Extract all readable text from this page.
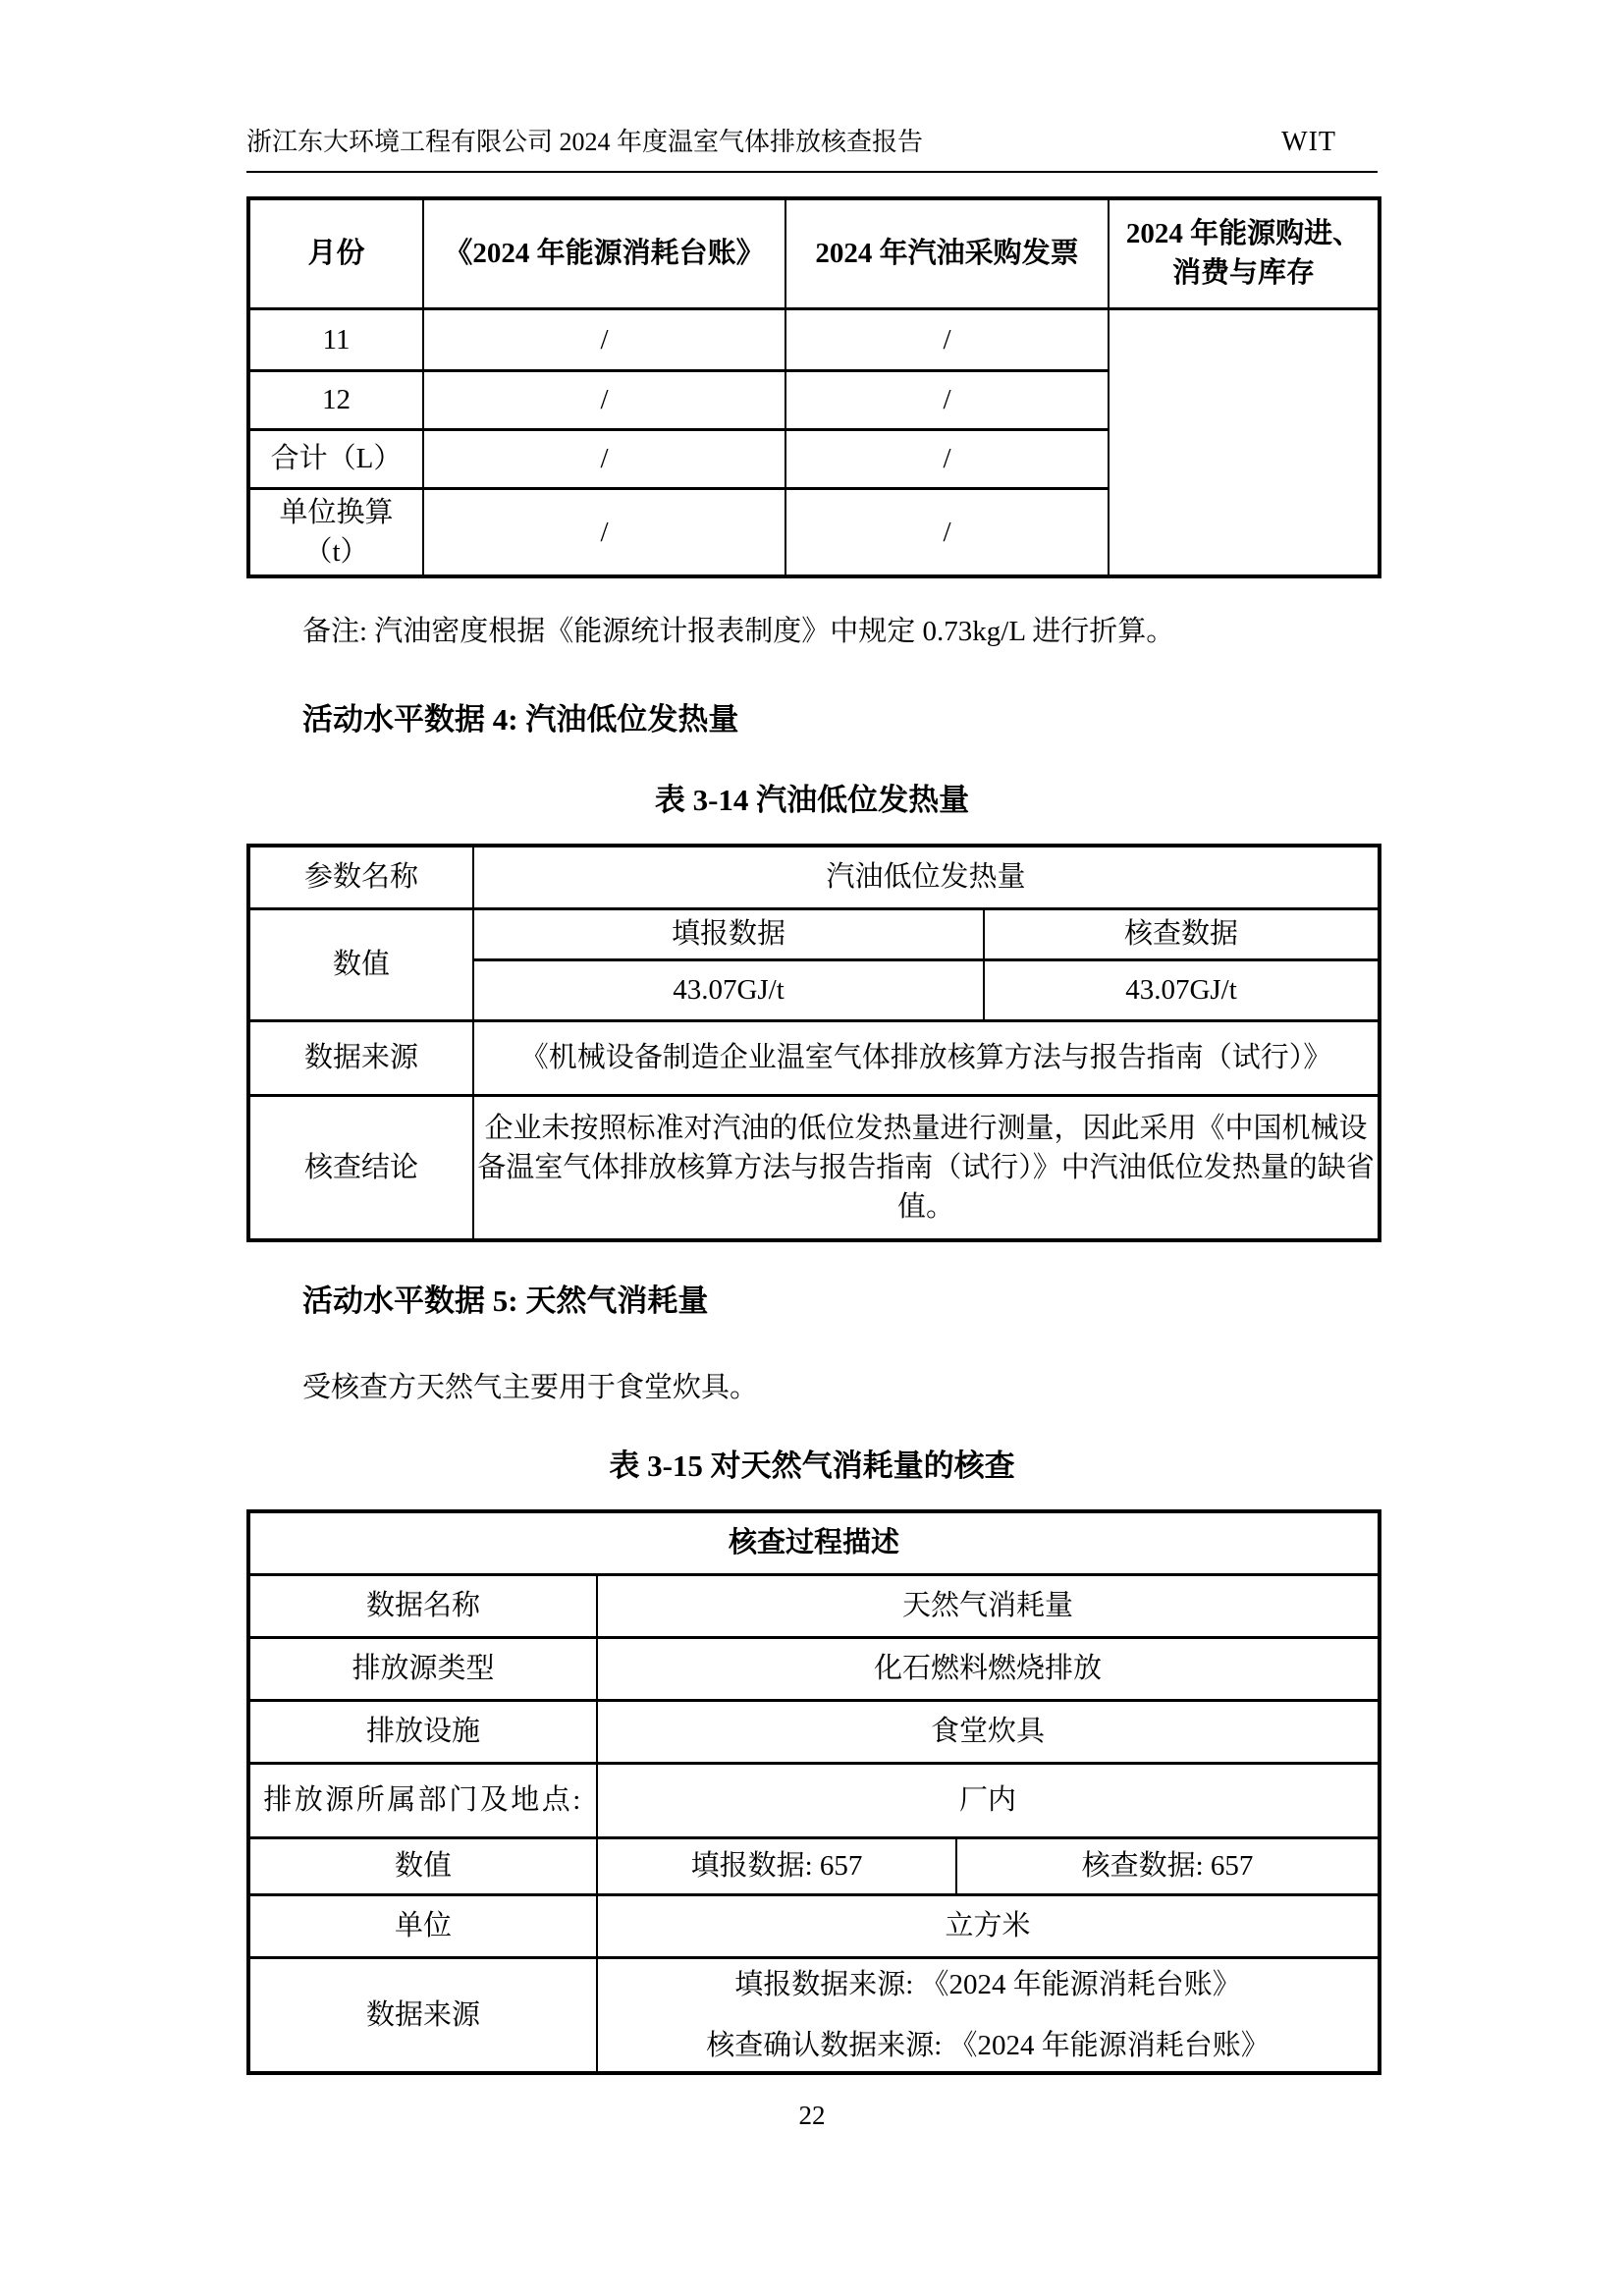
浙江东大环境工程有限公司 2024 年度温室气体排放核查报告	WIT
月份	《2024 年能源消耗台账》	2024 年汽油采购发票	2024 年能源购进、
消费与库存

11	/	/	
12	/	/	
合计（L）	/	/	

单位换算
（t）	/	/	

备注: 汽油密度根据《能源统计报表制度》中规定 0.73kg/L 进行折算。

活动水平数据 4: 汽油低位发热量

表 3-14 汽油低位发热量

参数名称	汽油低位发热量	
数值	填报数据	核查数据
	43.07GJ/t	43.07GJ/t
数据来源	《机械设备制造企业温室气体排放核算方法与报告指南（试行）》	
核查结论	企业未按照标准对汽油的低位发热量进行测量，因此采用《中国机械设备温室气体排放核算方法与报告指南（试行）》中汽油低位发热量的缺省值。	
活动水平数据 5: 天然气消耗量

受核查方天然气主要用于食堂炊具。

表 3-15 对天然气消耗量的核查

核查过程描述		
数据名称	天然气消耗量	
排放源类型	化石燃料燃烧排放	
排放设施	食堂炊具	
排放源所属部门及地点:	厂内	
数值	填报数据: 657	核查数据: 657
单位	立方米	
数据来源	填报数据来源: 《2024 年能源消耗台账》
核查确认数据来源: 《2024 年能源消耗台账》	

22
